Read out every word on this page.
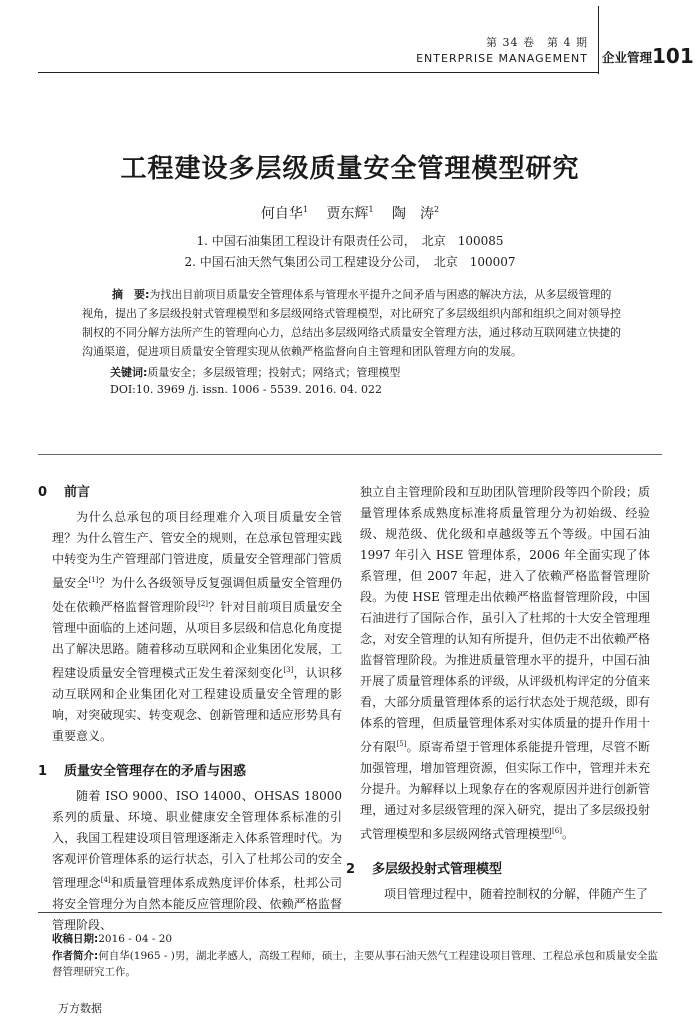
第 34 卷　第 4 期
ENTERPRISE MANAGEMENT 企业管理 101
工程建设多层级质量安全管理模型研究
何自华$^1$ 贾东辉$^1$ 陶　涛$^2$
1. 中国石油集团工程设计有限责任公司，　北京　100085
2. 中国石油天然气集团公司工程建设分公司，　北京　100007
摘　要:为找出目前项目质量安全管理体系与管理水平提升之间矛盾与困惑的解决方法，从多层级管理的视角，提出了多层级投射式管理模型和多层级网络式管理模型，对比研究了多层级组织内部和组织之间对领导控制权的不同分解方法所产生的管理向心力，总结出多层级网络式质量安全管理方法，通过移动互联网建立快捷的沟通渠道，促进项目质量安全管理实现从依赖严格监督向自主管理和团队管理方向的发展。
关键词:质量安全；多层级管理；投射式；网络式；管理模型
DOI:10. 3969 /j. issn. 1006 - 5539. 2016. 04. 022
0 前言

为什么总承包的项目经理难介入项目质量安全管理？为什么管生产、管安全的规则，在总承包管理实践中转变为生产管理部门管进度，质量安全管理部门管质量安全[1]？为什么各级领导反复强调但质量安全管理仍处在依赖严格监督管理阶段[2]？针对目前项目质量安全管理中面临的上述问题，从项目多层级和信息化角度提出了解决思路。随着移动互联网和企业集团化发展，工程建设质量安全管理模式正发生着深刻变化[3]，认识移动互联网和企业集团化对工程建设质量安全管理的影响，对突破现实、转变观念、创新管理和适应形势具有重要意义。

1 质量安全管理存在的矛盾与困惑

随着 ISO 9000、ISO 14000、OHSAS 18000 系列的质量、环境、职业健康安全管理体系标准的引入，我国工程建设项目管理逐渐走入体系管理时代。为客观评价管理体系的运行状态，引入了杜邦公司的安全管理理念[4]和质量管理体系成熟度评价体系，杜邦公司将安全管理分为自然本能反应管理阶段、依赖严格监督管理阶段、

独立自主管理阶段和互助团队管理阶段等四个阶段；质量管理体系成熟度标准将质量管理分为初始级、经验级、规范级、优化级和卓越级等五个等级。中国石油 1997 年引入 HSE 管理体系，2006 年全面实现了体系管理，但 2007 年起，进入了依赖严格监督管理阶段。为使 HSE 管理走出依赖严格监督管理阶段，中国石油进行了国际合作，虽引入了杜邦的十大安全管理理念，对安全管理的认知有所提升，但仍走不出依赖严格监督管理阶段。为推进质量管理水平的提升，中国石油开展了质量管理体系的评级，从评级机构评定的分值来看，大部分质量管理体系的运行状态处于规范级，即有体系的管理，但质量管理体系对实体质量的提升作用十分有限[5]。原寄希望于管理体系能提升管理，尽管不断加强管理，增加管理资源，但实际工作中，管理并未充分提升。为解释以上现象存在的客观原因并进行创新管理，通过对多层级管理的深入研究，提出了多层级投射式管理模型和多层级网络式管理模型[6]。

2 多层级投射式管理模型

项目管理过程中，随着控制权的分解，伴随产生了

收稿日期:2016 - 04 - 20
作者简介:何自华(1965 - )男，湖北孝感人，高级工程师，硕士，主要从事石油天然气工程建设项目管理、工程总承包和质量安全监督管理研究工作。
万方数据
